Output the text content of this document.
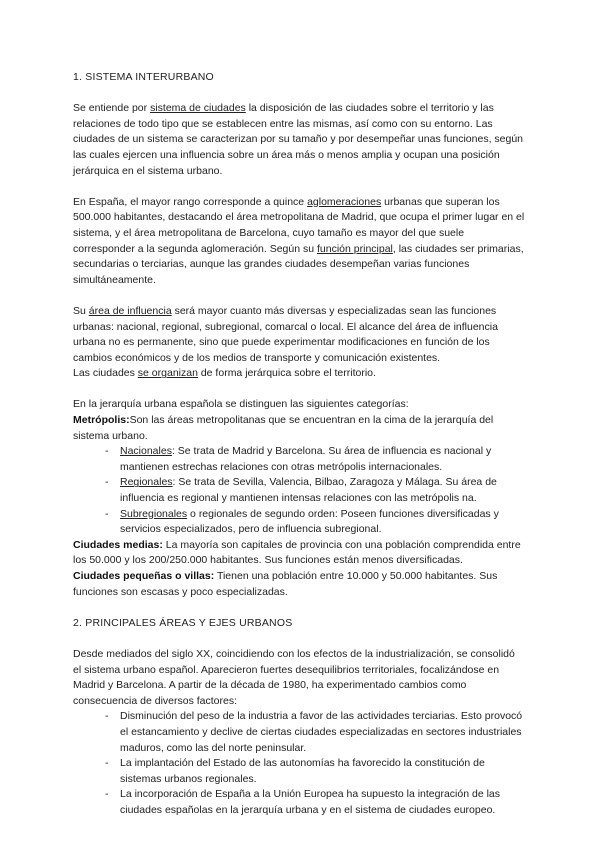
1. SISTEMA INTERURBANO

Se entiende por sistema de ciudades la disposición de las ciudades sobre el territorio y las relaciones de todo tipo que se establecen entre las mismas, así como con su entorno. Las ciudades de un sistema se caracterizan por su tamaño y por desempeñar unas funciones, según las cuales ejercen una influencia sobre un área más o menos amplia y ocupan una posición jerárquica en el sistema urbano.

En España, el mayor rango corresponde a quince aglomeraciones urbanas que superan los 500.000 habitantes, destacando el área metropolitana de Madrid, que ocupa el primer lugar en el sistema, y el área metropolitana de Barcelona, cuyo tamaño es mayor del que suele corresponder a la segunda aglomeración. Según su función principal, las ciudades ser primarias, secundarias o terciarias, aunque las grandes ciudades desempeñan varias funciones simultáneamente.

Su área de influencia será mayor cuanto más diversas y especializadas sean las funciones urbanas: nacional, regional, subregional, comarcal o local. El alcance del área de influencia urbana no es permanente, sino que puede experimentar modificaciones en función de los cambios económicos y de los medios de transporte y comunicación existentes.

Las ciudades se organizan de forma jerárquica sobre el territorio.

En la jerarquía urbana española se distinguen las siguientes categorías:

Metrópolis:Son las áreas metropolitanas que se encuentran en la cima de la jerarquía del sistema urbano.

- Nacionales: Se trata de Madrid y Barcelona. Su área de influencia es nacional y mantienen estrechas relaciones con otras metrópolis internacionales.
- Regionales: Se trata de Sevilla, Valencia, Bilbao, Zaragoza y Málaga. Su área de influencia es regional y mantienen intensas relaciones con las metrópolis na.
- Subregionales o regionales de segundo orden: Poseen funciones diversificadas y servicios especializados, pero de influencia subregional.

Ciudades medias: La mayoría son capitales de provincia con una población comprendida entre los 50.000 y los 200/250.000 habitantes. Sus funciones están menos diversificadas.

Ciudades pequeñas o villas: Tienen una población entre 10.000 y 50.000 habitantes. Sus funciones son escasas y poco especializadas.

2. PRINCIPALES ÁREAS Y EJES URBANOS

Desde mediados del siglo XX, coincidiendo con los efectos de la industrialización, se consolidó el sistema urbano español. Aparecieron fuertes desequilibrios territoriales, focalizándose en Madrid y Barcelona. A partir de la década de 1980, ha experimentado cambios como consecuencia de diversos factores:

- Disminución del peso de la industria a favor de las actividades terciarias. Esto provocó el estancamiento y declive de ciertas ciudades especializadas en sectores industriales maduros, como las del norte peninsular.
- La implantación del Estado de las autonomías ha favorecido la constitución de sistemas urbanos regionales.
- La incorporación de España a la Unión Europea ha supuesto la integración de las ciudades españolas en la jerarquía urbana y en el sistema de ciudades europeo.
